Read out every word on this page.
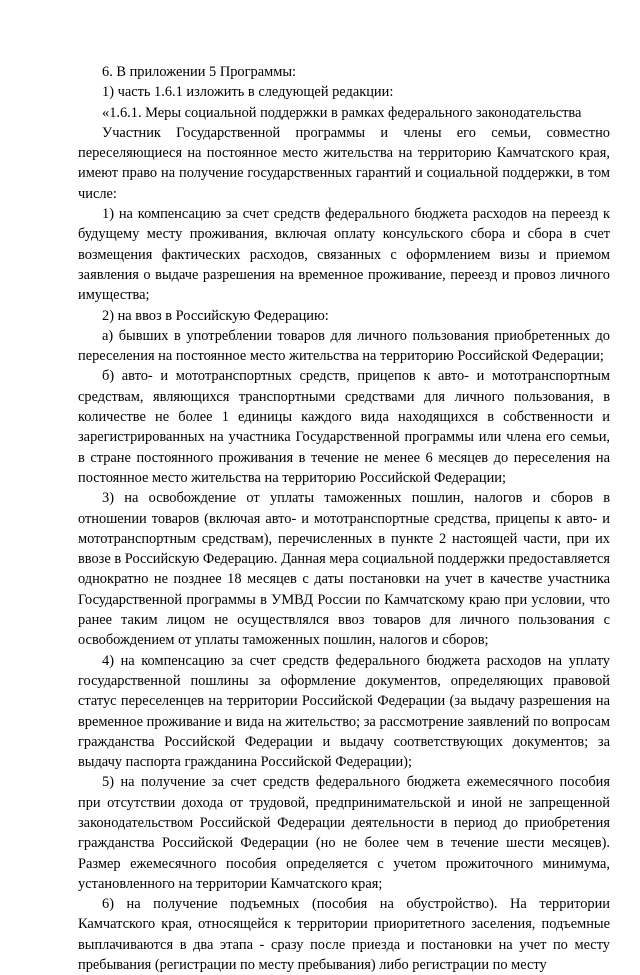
6. В приложении 5 Программы:

1) часть 1.6.1 изложить в следующей редакции:

«1.6.1. Меры социальной поддержки в рамках федерального законодательства

Участник Государственной программы и члены его семьи, совместно переселяющиеся на постоянное место жительства на территорию Камчатского края, имеют право на получение государственных гарантий и социальной поддержки, в том числе:

1) на компенсацию за счет средств федерального бюджета расходов на переезд к будущему месту проживания, включая оплату консульского сбора и сбора в счет возмещения фактических расходов, связанных с оформлением визы и приемом заявления о выдаче разрешения на временное проживание, переезд и провоз личного имущества;

2) на ввоз в Российскую Федерацию:

а) бывших в употреблении товаров для личного пользования приобретенных до переселения на постоянное место жительства на территорию Российской Федерации;

б) авто- и мототранспортных средств, прицепов к авто- и мототранспортным средствам, являющихся транспортными средствами для личного пользования, в количестве не более 1 единицы каждого вида находящихся в собственности и зарегистрированных на участника Государственной программы или члена его семьи, в стране постоянного проживания в течение не менее 6 месяцев до переселения на постоянное место жительства на территорию Российской Федерации;

3) на освобождение от уплаты таможенных пошлин, налогов и сборов в отношении товаров (включая авто- и мототранспортные средства, прицепы к авто- и мототранспортным средствам), перечисленных в пункте 2 настоящей части, при их ввозе в Российскую Федерацию. Данная мера социальной поддержки предоставляется однократно не позднее 18 месяцев с даты постановки на учет в качестве участника Государственной программы в УМВД России по Камчатскому краю при условии, что ранее таким лицом не осуществлялся ввоз товаров для личного пользования с освобождением от уплаты таможенных пошлин, налогов и сборов;

4) на компенсацию за счет средств федерального бюджета расходов на уплату государственной пошлины за оформление документов, определяющих правовой статус переселенцев на территории Российской Федерации (за выдачу разрешения на временное проживание и вида на жительство; за рассмотрение заявлений по вопросам гражданства Российской Федерации и выдачу соответствующих документов; за выдачу паспорта гражданина Российской Федерации);

5) на получение за счет средств федерального бюджета ежемесячного пособия при отсутствии дохода от трудовой, предпринимательской и иной не запрещенной законодательством Российской Федерации деятельности в период до приобретения гражданства Российской Федерации (но не более чем в течение шести месяцев). Размер ежемесячного пособия определяется с учетом прожиточного минимума, установленного на территории Камчатского края;

6) на получение подъемных (пособия на обустройство). На территории Камчатского края, относящейся к территории приоритетного заселения, подъемные выплачиваются в два этапа - сразу после приезда и постановки на учет по месту пребывания (регистрации по месту пребывания) либо регистрации по месту
